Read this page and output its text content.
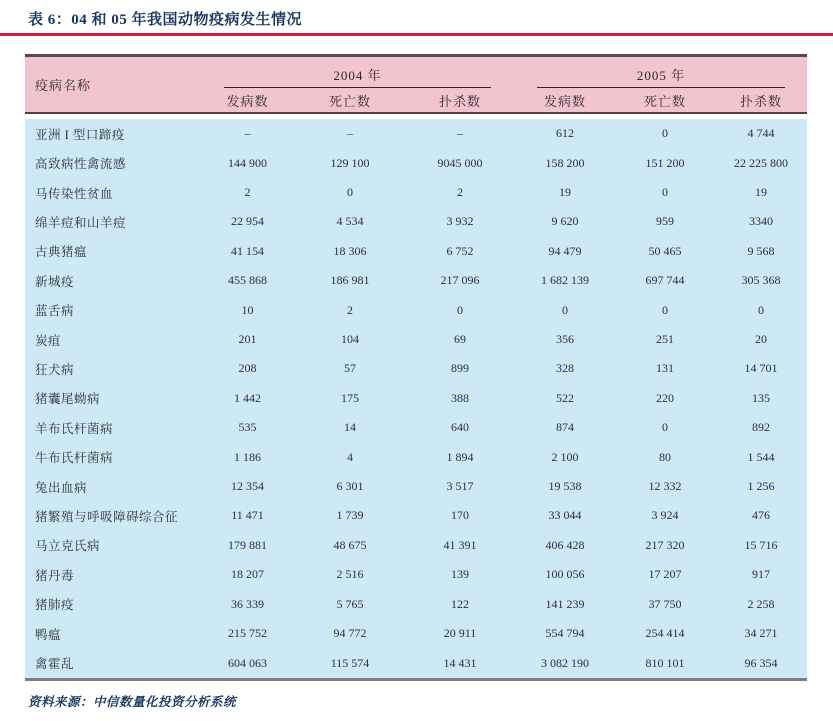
表 6：04 和 05 年我国动物疫病发生情况
疫病名称
2004 年	2005 年
发病数	死亡数	扑杀数	发病数	死亡数	扑杀数
亚洲 I 型口蹄疫	–	–	–	612	0	4 744
高致病性禽流感	144 900	129 100	9045 000	158 200	151 200	22 225 800
马传染性贫血	2	0	2	19	0	19
绵羊痘和山羊痘	22 954	4 534	3 932	9 620	959	3340
古典猪瘟	41 154	18 306	6 752	94 479	50 465	9 568
新城疫	455 868	186 981	217 096	1 682 139	697 744	305 368
蓝舌病	10	2	0	0	0	0
炭疽	201	104	69	356	251	20
狂犬病	208	57	899	328	131	14 701
猪囊尾蚴病	1 442	175	388	522	220	135
羊布氏杆菌病	535	14	640	874	0	892
牛布氏杆菌病	1 186	4	1 894	2 100	80	1 544
兔出血病	12 354	6 301	3 517	19 538	12 332	1 256
猪繁殖与呼吸障碍综合征	11 471	1 739	170	33 044	3 924	476
马立克氏病	179 881	48 675	41 391	406 428	217 320	15 716
猪丹毒	18 207	2 516	139	100 056	17 207	917
猪肺疫	36 339	5 765	122	141 239	37 750	2 258
鸭瘟	215 752	94 772	20 911	554 794	254 414	34 271
禽霍乱	604 063	115 574	14 431	3 082 190	810 101	96 354
资料来源：中信数量化投资分析系统
